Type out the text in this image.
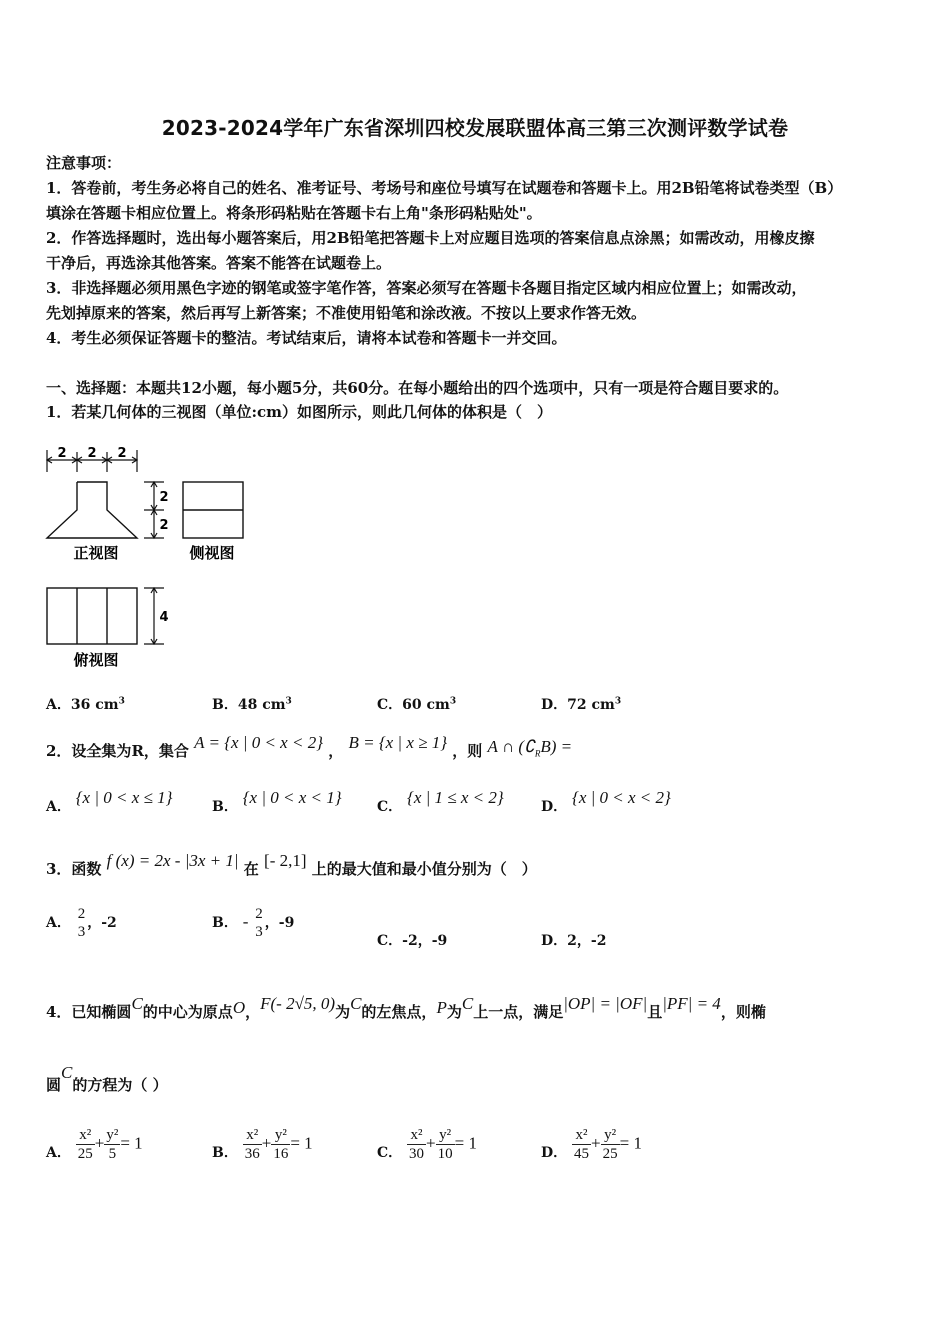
2023-2024学年广东省深圳四校发展联盟体高三第三次测评数学试卷
注意事项：
1．答卷前，考生务必将自己的姓名、准考证号、考场号和座位号填写在试题卷和答题卡上。用2B铅笔将试卷类型（B）
填涂在答题卡相应位置上。将条形码粘贴在答题卡右上角"条形码粘贴处"。
2．作答选择题时，选出每小题答案后，用2B铅笔把答题卡上对应题目选项的答案信息点涂黑；如需改动，用橡皮擦
干净后，再选涂其他答案。答案不能答在试题卷上。
3．非选择题必须用黑色字迹的钢笔或签字笔作答，答案必须写在答题卡各题目指定区域内相应位置上；如需改动，
先划掉原来的答案，然后再写上新答案；不准使用铅笔和涂改液。不按以上要求作答无效。
4．考生必须保证答题卡的整洁。考试结束后，请将本试卷和答题卡一并交回。
一、选择题：本题共12小题，每小题5分，共60分。在每小题给出的四个选项中，只有一项是符合题目要求的。
1．若某几何体的三视图（单位:cm）如图所示，则此几何体的体积是（　）
2 2 2
2
2
4
正视图	侧视图
俯视图
A．36 $cm^3$	B．48 $cm^3$	C．60 $cm^3$	D．72 $cm^3$
2．设全集为R，集合 A = {x | 0 < x < 2} ， B = {x | x ≥ 1} ，则 A ∩ $(∁_RB)$ =
A． {x | 0 < x ≤ 1}	B． {x | 0 < x < 1}	C． {x | 1 ≤ x < 2}	D． {x | 0 < x < 2}
3．函数 f (x) = 2x - |3x + 1| 在 [- 2,1] 上的最大值和最小值分别为（　）
A．
2
3
，-2	B． - 2
3
，-9
C．-2，-9	D．2，-2
4．已知椭圆C的中心为原点O，F(- 2√5, 0)为C的左焦点，P为C上一点，满足|OP| = |OF|且|PF| = 4，则椭
圆C的方程为（ ）
A． $\frac{\text{x²}}{25} + \frac{\text{y²}}{5} = 1$	B． $\frac{\text{x²}}{36} + \frac{\text{y²}}{16} = 1$	C． $\frac{\text{x²}}{30} + \frac{\text{y²}}{10} = 1$	D． $\frac{\text{x²}}{45} + \frac{\text{y²}}{25} = 1$
